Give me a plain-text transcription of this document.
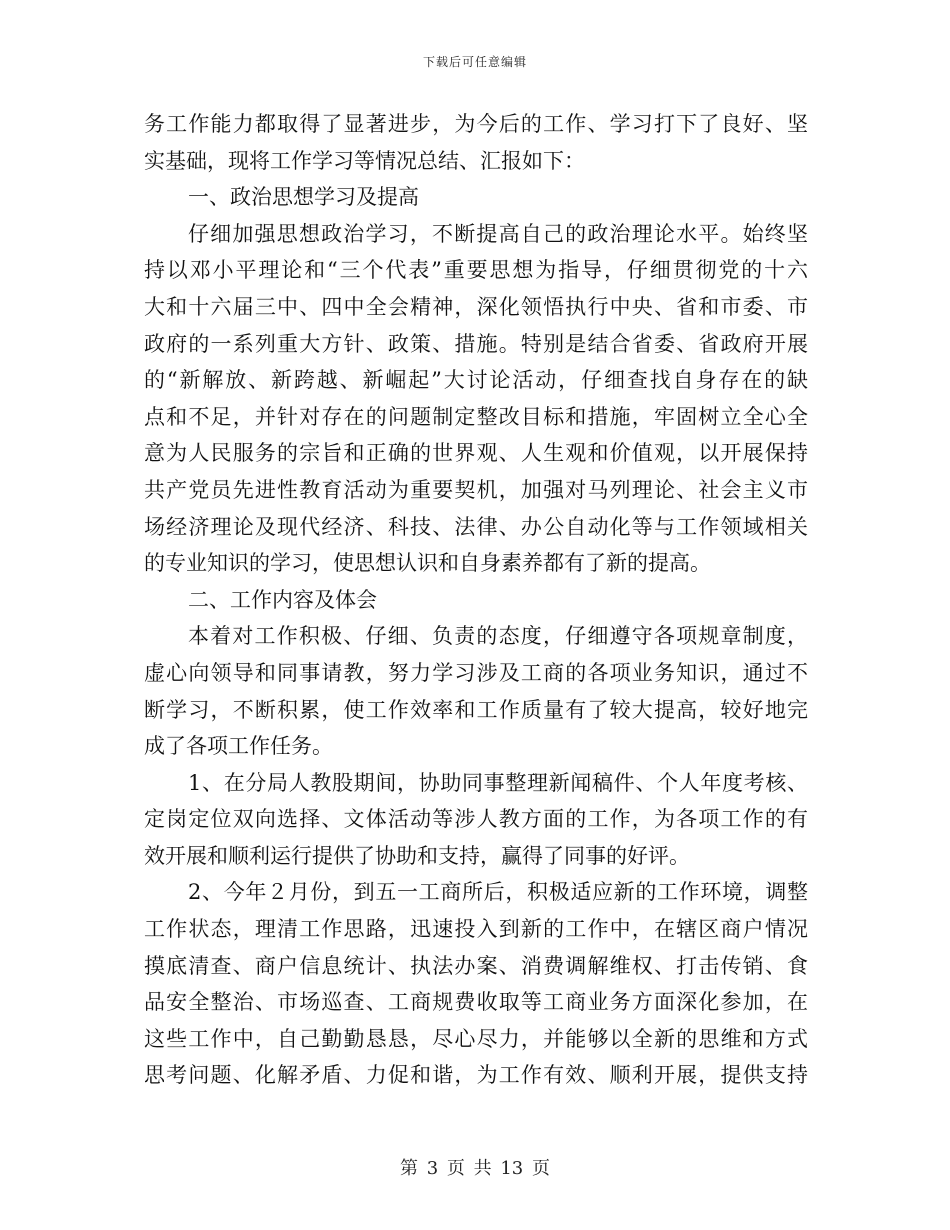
下载后可任意编辑
务工作能力都取得了显著进步，为今后的工作、学习打下了良好、坚
实基础，现将工作学习等情况总结、汇报如下：
一、政治思想学习及提高
仔细加强思想政治学习，不断提高自己的政治理论水平。始终坚
持以邓小平理论和“三个代表”重要思想为指导，仔细贯彻党的十六
大和十六届三中、四中全会精神，深化领悟执行中央、省和市委、市
政府的一系列重大方针、政策、措施。特别是结合省委、省政府开展
的“新解放、新跨越、新崛起”大讨论活动，仔细查找自身存在的缺
点和不足，并针对存在的问题制定整改目标和措施，牢固树立全心全
意为人民服务的宗旨和正确的世界观、人生观和价值观，以开展保持
共产党员先进性教育活动为重要契机，加强对马列理论、社会主义市
场经济理论及现代经济、科技、法律、办公自动化等与工作领域相关
的专业知识的学习，使思想认识和自身素养都有了新的提高。
二、工作内容及体会
本着对工作积极、仔细、负责的态度，仔细遵守各项规章制度，
虚心向领导和同事请教，努力学习涉及工商的各项业务知识，通过不
断学习，不断积累，使工作效率和工作质量有了较大提高，较好地完
成了各项工作任务。
1、在分局人教股期间，协助同事整理新闻稿件、个人年度考核、
定岗定位双向选择、文体活动等涉人教方面的工作，为各项工作的有
效开展和顺利运行提供了协助和支持，赢得了同事的好评。
2、今年２月份，到五一工商所后，积极适应新的工作环境，调整
工作状态，理清工作思路，迅速投入到新的工作中，在辖区商户情况
摸底清查、商户信息统计、执法办案、消费调解维权、打击传销、食
品安全整治、市场巡查、工商规费收取等工商业务方面深化参加，在
这些工作中，自己勤勤恳恳，尽心尽力，并能够以全新的思维和方式
思考问题、化解矛盾、力促和谐，为工作有效、顺利开展，提供支持
第 3 页 共 13 页
